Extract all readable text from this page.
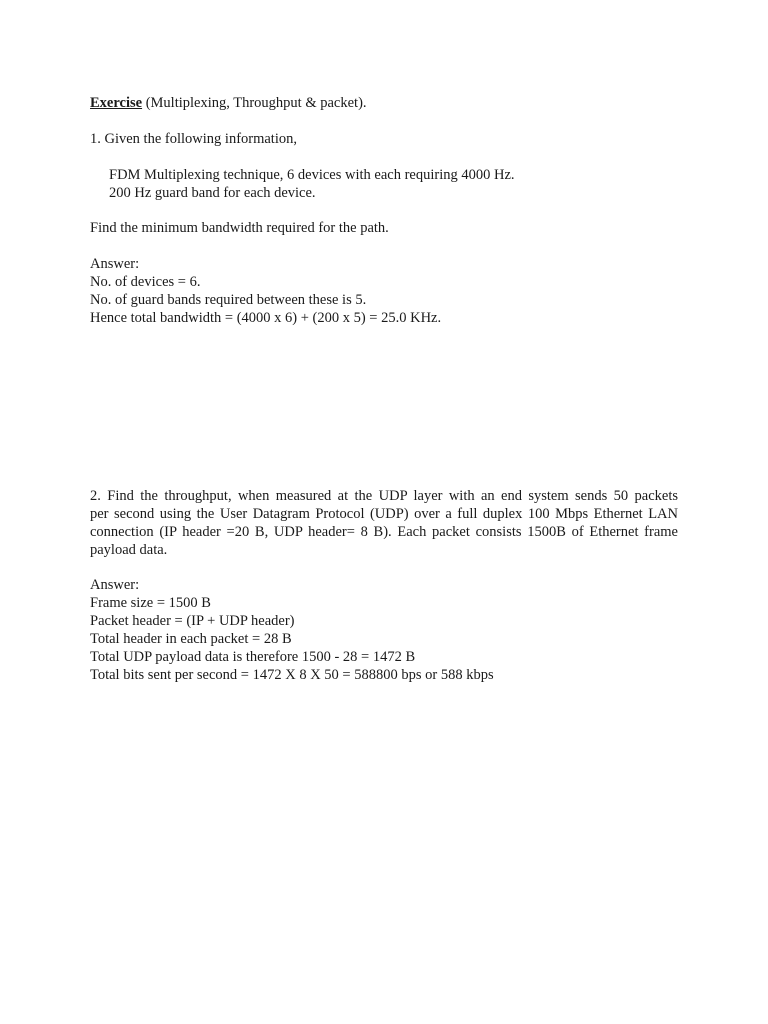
Exercise (Multiplexing, Throughput & packet).
1. Given the following information,
FDM Multiplexing technique, 6 devices with each requiring 4000 Hz.
200 Hz guard band for each device.
Find the minimum bandwidth required for the path.
Answer:
No. of devices = 6.
No. of guard bands required between these is 5.
Hence total bandwidth = (4000 x 6) + (200 x 5) = 25.0 KHz.
2. Find the throughput, when measured at the UDP layer with an end system sends 50 packets
per second using the User Datagram Protocol (UDP) over a full duplex 100 Mbps Ethernet LAN
connection (IP header =20 B, UDP header= 8 B). Each packet consists 1500B of Ethernet frame
payload data.
Answer:
Frame size = 1500 B
Packet header = (IP + UDP header)
Total header in each packet = 28 B
Total UDP payload data is therefore 1500 - 28 = 1472 B
Total bits sent per second = 1472 X 8 X 50 = 588800 bps or 588 kbps
